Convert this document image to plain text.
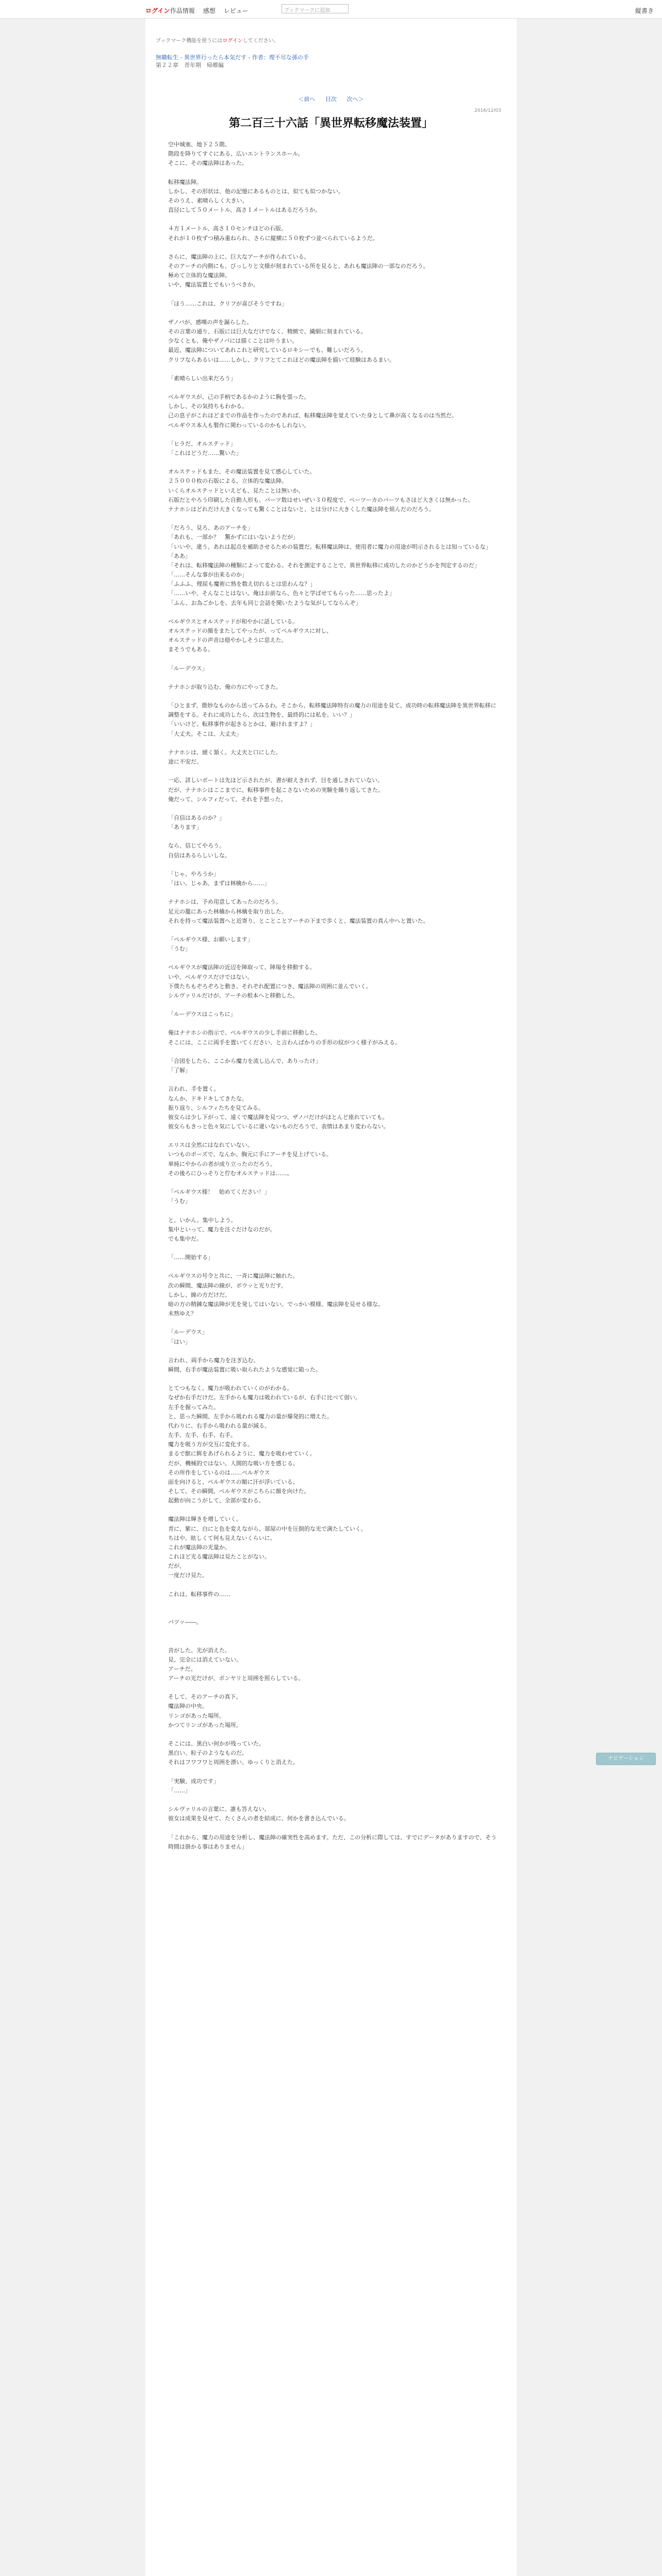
ログイン 作品情報 感想 レビュー	ブックマークに追加	縦書き
ブックマーク機能を使うにはログインしてください。
無職転生 - 異世界行ったら本気だす - 作者：理不尽な孫の手
第２２章　青年期　帰郷編
＜前へ 目次 次へ＞
2016/12/03
第二百三十六話「異世界転移魔法装置」

空中城塞、地下２５階。

階段を降りてすぐにある、広いエントランスホール。

そこに、その魔法陣はあった。

転移魔法陣。

しかし、その形状は、他の記憶にあるものとは、似ても似つかない。

そのうえ、素晴らしく大きい。

直径にして５０メートル、高さ１メートルはあるだろうか。

４方１メートル、高さ１０センチほどの石版。

それが１０枚ずつ積み重ねられ、さらに縦横に５０枚ずつ並べられているようだ。

さらに、魔法陣の上に、巨大なアーチが作られている。

そのアーチの内側にも、びっしりと文様が刻まれている所を見ると、あれも魔法陣の一部なのだろう。

極めて立体的な魔法陣。

いや、魔法装置とでもいうべきか。

「ほう……これは、クリフが喜びそうですね」

ザノバが、感嘆の声を漏らした。

その言葉の通り、石版には巨大なだけでなく、精緻で、繊細に刻まれている。

少なくとも、俺やザノバには描くことは叶うまい。

最近、魔法陣についてあれこれと研究しているロキシーでも、難しいだろう。

クリフならあるいは……しかし、クリフとてこれほどの魔法陣を描いて経験はあるまい。

「素晴らしい出来だろう」

ペルギウスが、己の手柄であるかのように胸を張った。

しかし、その気持ちもわかる。

己の息子がこれほどまでの作品を作ったのであれば、転移魔法陣を覚えていた身として鼻が高くなるのは当然だ。

ペルギウス本人も製作に関わっているのかもしれない。

「ヒラだ、オルステッド」

「これはどうだ……驚いた」

オルステッドもまた、その魔法装置を見て感心していた。

２５０００枚の石版による、立体的な魔法陣。

いくらオルステッドといえども、見たことは無いか。

石版だとやろう印刷した自動人形も、パーツ数はせいぜい３０程度で、ペーツーカのパーツもさほど大きくは無かった。

ナナホシはどれだけ大きくなっても驚くことはないと、とは分けに大きくした魔法陣を組んだのだろう。

「だろう、見ろ、あのアーチを」

「あれも、一部か？　驚かずにはいないようだが」

「いいや、違う。あれは起点を補助させるための装置だ。転移魔法陣は、使用者に魔力の用途が明示されるとは知っているな」

「ああ」

「それは、転移魔法陣の種類によって変わる。それを測定することで、異世界転移に成功したのかどうかを判定するのだ」

「……そんな事が出来るのか」

「ふふふ、理屈も魔術に熟を数え切れるとは思わんな？」

「……いや、そんなことはない。俺はお前なら、色々と学ばせてもらった……思ったよ」

「ふん、お為ごかしを。去年も同じ会話を聞いたような気がしてならんぞ」

ペルギウスとオルステッドが和やかに話している。

オルステッドの顔をまたしてやったが、ってペルギウスに対し、

オルステッドの声音は穏やかしそうに思えた。

まそうでもある。

「ルーデウス」

ナナホシが取り込む、俺の方にやってきた。

「ひとまず、微妙なものから送ってみるわ。そこから、転移魔法陣特有の魔力の用途を見て、成功時の転移魔法陣を異世界転移に調整をする。それに成功したら、次は生物を、最終的には私を。いい？」

「いいけど、転移事件が起きるとかは、避けれますよ？」

「大丈夫。そこは、大丈夫」

ナナホシは、緩く頷く。大丈夫と口にした。

途に不安だ。

一応、詳しいポートは先ほど示されたが、書が耐えきれず、目を通しきれていない。

だが、ナナホシはここまでに、転移事件を起こさないための実験を繰り返してきた。

俺だって、シルフィだって、それを予想った。

「自信はあるのか？」

「あります」

なら、信じてやろう。

自信はあるらしいしな。

「じゃ、やろうか」

「はい。じゃあ、まずは林檎から……」

ナナホシは、予め用意してあったのだろう。

足元の籠にあった林檎から林檎を取り出した。

それを持って魔法装置へと近寄り、とことことアーチの下まで歩くと、魔法装置の真ん中へと置いた。

「ペルギウス様、お願いします」

「うむ」

ペルギウスが魔法陣の近辺を陣取って、陣場を移動する。

いや、ペルギウスだけではない。

下僕たちもぞろぞろと動き、それぞれ配置につき、魔法陣の周囲に並んでいく。

シルヴァリルだけが、アーチの根本へと移動した。

「ルーデウスはこっちに」

俺はナナホシの指示で、ペルギウスの少し手前に移動した。

そこには、ここに両手を置いてください、と言わんばかりの手形の紋がつく様子がみえる。

「合図をしたら、ここから魔力を流し込んで、ありったけ」

「了解」

言われ、手を置く。

なんか、ドキドキしてきたな。

振り返り、シルフィたちを見てみる。

彼女らは少し下がって、遠くで魔法陣を見つつ、ザノバだけがほとんど座れていても。

彼女らもきっと色々気にしているに違いないものだろうで、表情はあまり変わらない。

エリスは全然にはなれていない。

いつものポーズで、なんか、胸元に手にアーチを見上げている。

単純にやからの者が成り立ったのだろう。

その後ろにひっそりと佇むオルステッドは……。

「ペルギウス様！　始めてください！」

「うむ」

と、いかん。集中しよう。

集中といって、魔力を注ぐだけなのだが。

でも集中だ。

「……開始する」

ペルギウスの号令と共に、一斉に魔法陣に触れた。

次の瞬間、魔法陣の線が、ボウッと光りだす。

しかし、線の方だけだ。

暗の方の精錬な魔法陣が光を発してはいない。でっかい模様、魔法陣を見せる様な。

未熟ゆえ？

「ルーデウス」

「はい」

言われ、両手から魔力を注ぎ込む。

瞬間、右手が魔法装置に吸い取られたような感覚に陥った。

とてつもなく、魔力が吸われていくのがわかる。

なぜか右手だけだ。左手からも魔力は吸われているが、右手に比べて弱い。

左手を握ってみた。

と、思った瞬間、左手から吸われる魔力の量が爆発的に増えた。

代わりに、右手から吸われる量が減る。

左手、左手、右手、右手。

魔力を吸う方が交互に変化する。

まるで獣に餌をあげられるように、魔力を吸わせていく。

だが、機械的ではない。人間的な吸い方を感じる。

その所作をしているのは……ペルギウス

面を向けると、ペルギウスの額に汗が浮いている。

そして、その瞬間、ペルギウスがこちらに顔を向けた。

起動が向こうがして、全部が変わる。

魔法陣は輝きを増していく。

青に、紫に、白にと色を変えながら、部屋の中を圧倒的な光で満たしていく。

ちはや、眩しくて何も見えないくらいに。

これが魔法陣の光量か。

これほど光る魔法陣は見たことがない。

だが、

一度だけ見た。

これは、転移事件の……

バツッ――。

音がした。光が消えた。

見、完全には消えていない。

アーチだ。

アーチの光だけが、ポンヤリと周囲を照らしている。

そして、そのアーチの真下。

魔法陣の中央。

リンゴがあった場所。

かつてリンゴがあった場所。

そこには、黒白い何かが残っていた。

黒白い、粒子のようなものだ。

それはフワフワと周囲を漂い、ゆっくりと消えた。

「実験、成功です」

「……」

シルヴァリルの言葉に、誰も答えない。

彼女は成果を見せて、たくさんの者を結成に、何かを書き込んでいる。

「これから、魔力の用途を分析し、魔法陣の確実性を高めます。ただ、この分析に際しては、すでにデータがありますので、そう時間は掛かる事はありません」

ナビゲーション
